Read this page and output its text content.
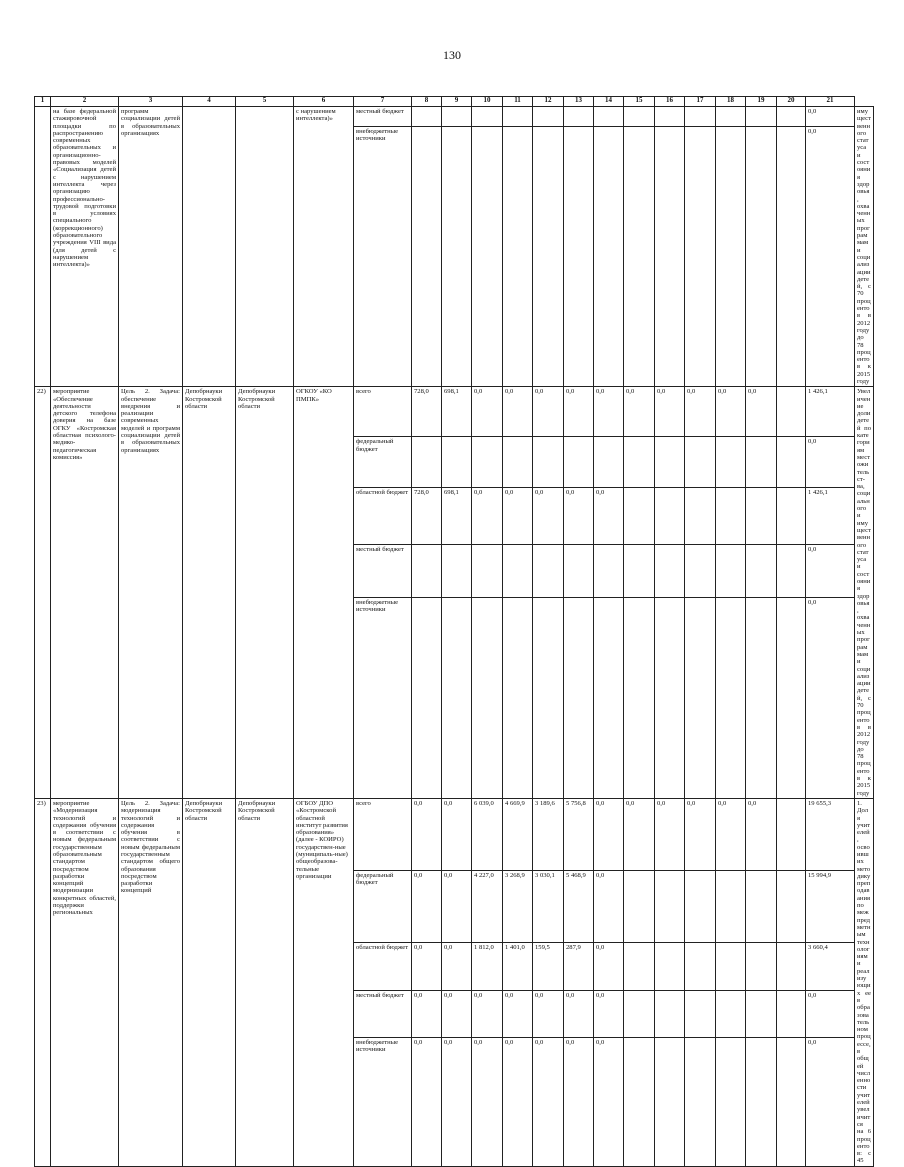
130
1	2	3	4	5	6	7	8	9	10	11	12	13	14	15	16	17	18	19	20	21	
	на базе федеральной стажировочной площадки по распространению современных образовательных и организационно-правовых моделей «Социализация детей с нарушением интеллекта через организацию профессионально-трудовой подготовки в условиях специального (коррекционного) образовательного учреждения VIII вида (для детей с нарушением интеллекта)»	программ социализации детей в образовательных организациях			с нарушением интеллекта)»	местный бюджет														0,0	имущественного статуса и состояния здоровья, охваченных программами социализации детей, с 70 процентов в 2012 году до 78 процентов к 2015 году
						внебюджетные источники														0,0	
22)	мероприятие «Обеспечение деятельности детского телефона доверия на базе ОГКУ «Костромская областная психолого-медико-педагогическая комиссия»	Цель 2. Задача: обеспечение внедрения и реализации современных моделей и программ социализации детей в образовательных организациях	Депобрнауки Костромской области	Депобрнауки Костромской области	ОГКОУ «КО ПМПК»	всего	728,0	698,1	0,0	0,0	0,0	0,0	0,0	0,0	0,0	0,0	0,0	0,0		1 426,1	Увеличение доли детей по категориям местожительст-ва, социального и имущественного статуса и состояния здоровья, охваченных программами социализации детей, с 70 процентов в 2012 году до 78 процентов к 2015 году
						федеральный бюджет														0,0	
						областной бюджет	728,0	698,1	0,0	0,0	0,0	0,0	0,0							1 426,1	
						местный бюджет														0,0	
						внебюджетные источники														0,0	
23)	мероприятие «Модернизация технологий и содержания обучения в соответствии с новым федеральным государственным образовательным стандартом посредством разработки концепций модернизации конкретных областей, поддержки региональных	Цель 2. Задача: модернизация технологий и содержания обучения в соответствии с новым федеральным государственным стандартом общего образования посредством разработки концепций	Депобрнауки Костромской области	Депобрнауки Костромской области	ОГБОУ ДПО «Костромской областной институт развития образования» (далее - КОИРО) государствен-ные (муниципаль-ные) общеобразова-тельные организации	всего	0,0	0,0	6 039,0	4 669,9	3 189,6	5 756,8	0,0	0,0	0,0	0,0	0,0	0,0		19 655,3	1. Доля учителей, освоивших методику преподавания по межпредметным технологиям и реализующих ее в образовательном процессе, в общей численности учителей увеличится на 6 процентов: с 45
						федеральный бюджет	0,0	0,0	4 227,0	3 268,9	3 030,1	5 468,9	0,0							15 994,9	
						областной бюджет	0,0	0,0	1 812,0	1 401,0	159,5	287,9	0,0							3 660,4	
						местный бюджет	0,0	0,0	0,0	0,0	0,0	0,0	0,0							0,0	
						внебюджетные источники	0,0	0,0	0,0	0,0	0,0	0,0	0,0							0,0	
